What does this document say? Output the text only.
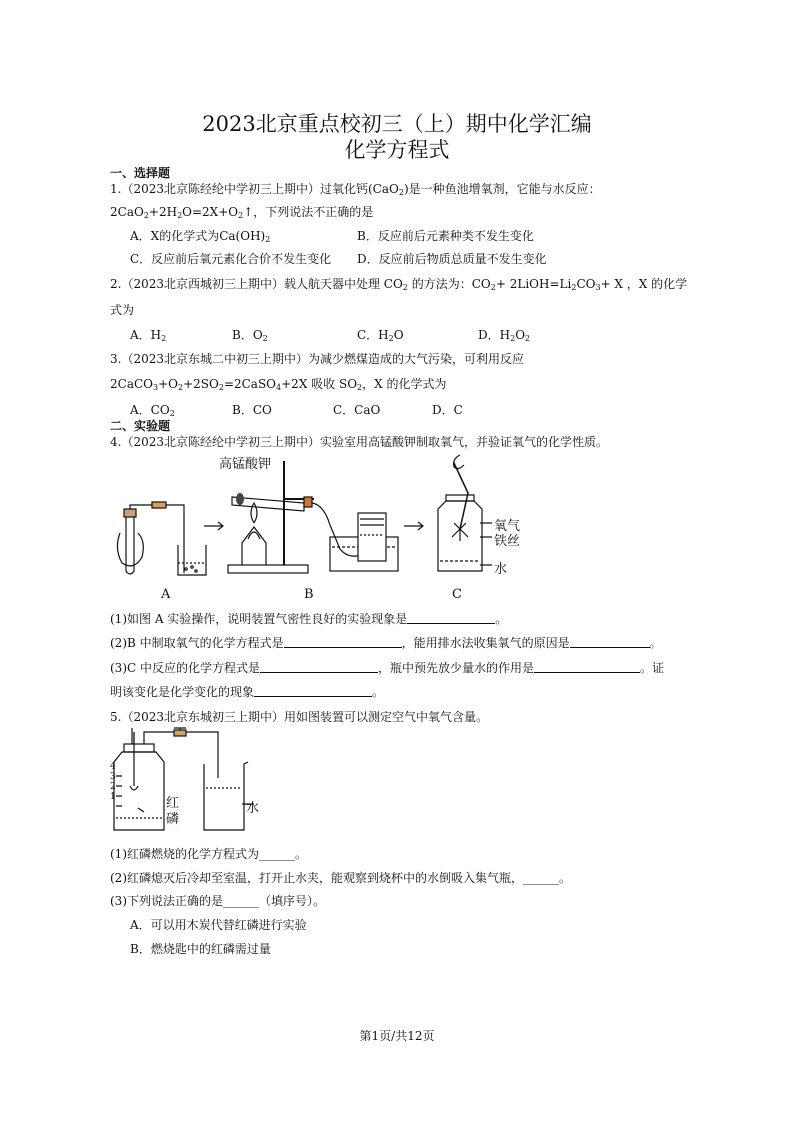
2023北京重点校初三（上）期中化学汇编
化学方程式
一、选择题
1.（2023北京陈经纶中学初三上期中）过氧化钙(CaO$_2$)是一种鱼池增氧剂，它能与水反应：
$2CaO_2+2H_2O=2X+O_2↑$，下列说法不正确的是
A．X的化学式为$Ca(OH)_2$	B．反应前后元素种类不发生变化
C．反应前后氧元素化合价不发生变化 D．反应前后物质总质量不发生变化
2.（2023北京西城初三上期中）载人航天器中处理 $CO_2$ 的方法为：$CO_2+$ $2LiOH=Li_2CO_3+ X$ ，X 的化学
式为
A．$H_2$	B．$O_2$	C．$H_2O$	D．$H_2O_2$
3.（2023北京东城二中初三上期中）为减少燃煤造成的大气污染，可利用反应
$2CaCO_3+O_2+2SO_2=2CaSO_4+2X$ 吸收 $SO_2$，X 的化学式为
A．$CO_2$	B．CO	C．CaO	D．C
二、实验题
4.（2023北京陈经纶中学初三上期中）实验室用高锰酸钾制取氧气，并验证氧气的化学性质。
高锰酸钾
氧气
铁丝
水
A	B	C
(1)如图 A 实验操作，说明装置气密性良好的实验现象是	。
(2)B 中制取氧气的化学方程式是	，能用排水法收集氧气的原因是	。
(3)C 中反应的化学方程式是	，瓶中预先放少量水的作用是	。证
明该变化是化学变化的现象	。
5.（2023北京东城初三上期中）用如图装置可以测定空气中氧气含量。
4
3
2
1	红
磷
水
(1)红磷燃烧的化学方程式为______。
(2)红磷熄灭后冷却至室温，打开止水夹，能观察到烧杯中的水倒吸入集气瓶，______。
(3)下列说法正确的是______（填序号）。
A．可以用木炭代替红磷进行实验
B．燃烧匙中的红磷需过量
第1页/共12页
